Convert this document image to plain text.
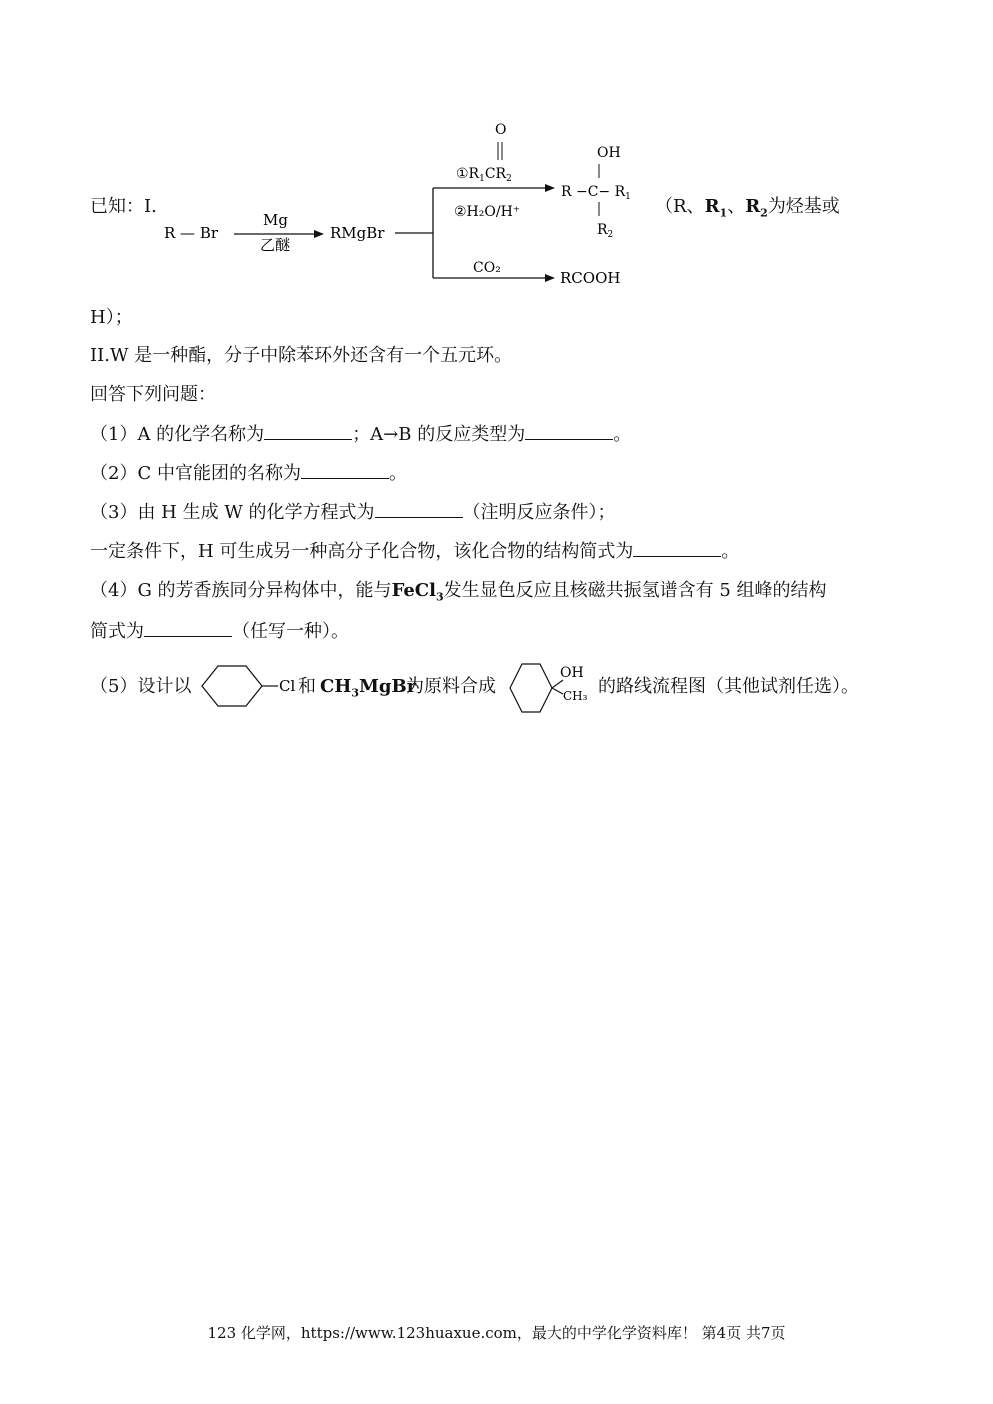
已知：I.
R — Br
Mg
乙醚
RMgBr
O
$①R_1CR_2$
②H₂O/H⁺
OH
$R -C- R_1$
$R_2$
CO₂
RCOOH
（R、$R_1$、$R_2$为烃基或
H）；
II.W 是一种酯，分子中除苯环外还含有一个五元环。
回答下列问题：
（1）A 的化学名称为	；A→B 的反应类型为	。
（2）C 中官能团的名称为	。
（3）由 H 生成 W 的化学方程式为	（注明反应条件）；
一定条件下，H 可生成另一种高分子化合物，该化合物的结构简式为	。
（4）G 的芳香族同分异构体中，能与FeCl$_3$发生显色反应且核磁共振氢谱含有 5 组峰的结构
简式为	（任写一种）。
（5）设计以	Cl 和 $CH_3MgBr$
为原料合成
OH
CH₃ 的路线流程图（其他试剂任选）。
123 化学网，https://www.123huaxue.com，最大的中学化学资料库！ 第4页 共7页
